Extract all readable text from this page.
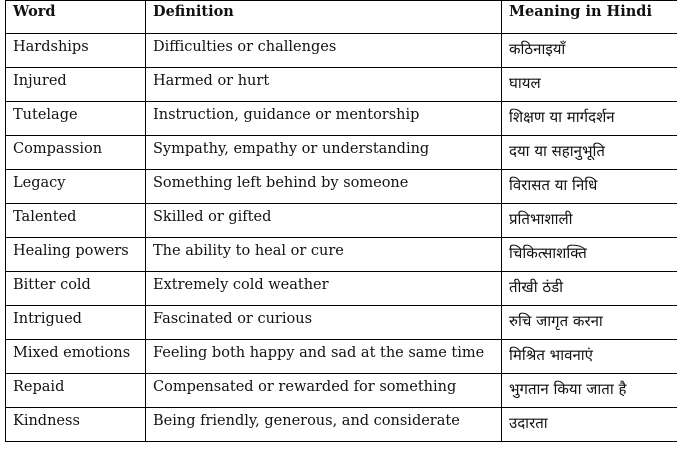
Word	Definition	Meaning in Hindi
Hardships	Difficulties or challenges	कठिनाइयाँ
Injured	Harmed or hurt	घायल
Tutelage	Instruction, guidance or mentorship	शिक्षण या मार्गदर्शन
Compassion	Sympathy, empathy or understanding	दया या सहानुभूति
Legacy	Something left behind by someone	विरासत या निधि
Talented	Skilled or gifted	प्रतिभाशाली
Healing powers	The ability to heal or cure	चिकित्साशक्ति
Bitter cold	Extremely cold weather	तीखी ठंडी
Intrigued	Fascinated or curious	रुचि जागृत करना
Mixed emotions	Feeling both happy and sad at the same time	मिश्रित भावनाएं
Repaid	Compensated or rewarded for something	भुगतान किया जाता है
Kindness	Being friendly, generous, and considerate	उदारता
